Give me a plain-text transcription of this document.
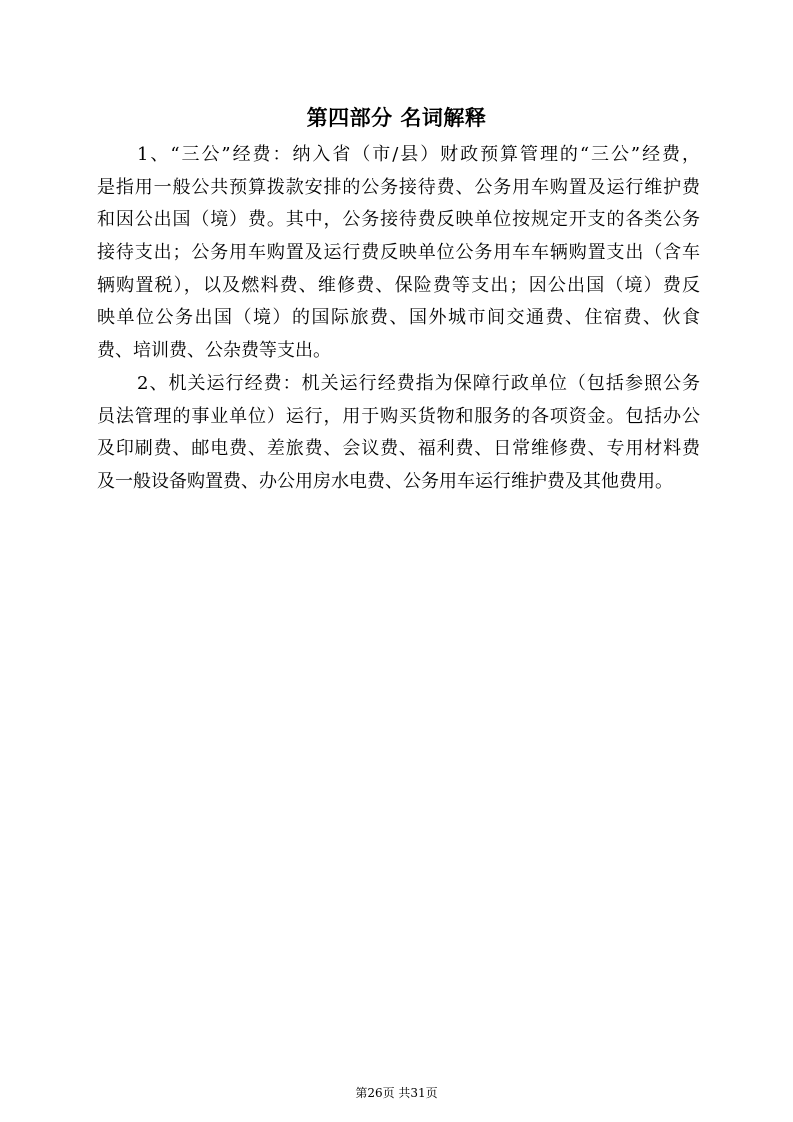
第四部分 名词解释
1、“三公”经费：纳入省（市/县）财政预算管理的“三公”经费，
是指用一般公共预算拨款安排的公务接待费、公务用车购置及运行维护费
和因公出国（境）费。其中，公务接待费反映单位按规定开支的各类公务
接待支出；公务用车购置及运行费反映单位公务用车车辆购置支出（含车
辆购置税），以及燃料费、维修费、保险费等支出；因公出国（境）费反
映单位公务出国（境）的国际旅费、国外城市间交通费、住宿费、伙食
费、培训费、公杂费等支出。
2、机关运行经费：机关运行经费指为保障行政单位（包括参照公务
员法管理的事业单位）运行，用于购买货物和服务的各项资金。包括办公
及印刷费、邮电费、差旅费、会议费、福利费、日常维修费、专用材料费
及一般设备购置费、办公用房水电费、公务用车运行维护费及其他费用。
第26页 共31页
